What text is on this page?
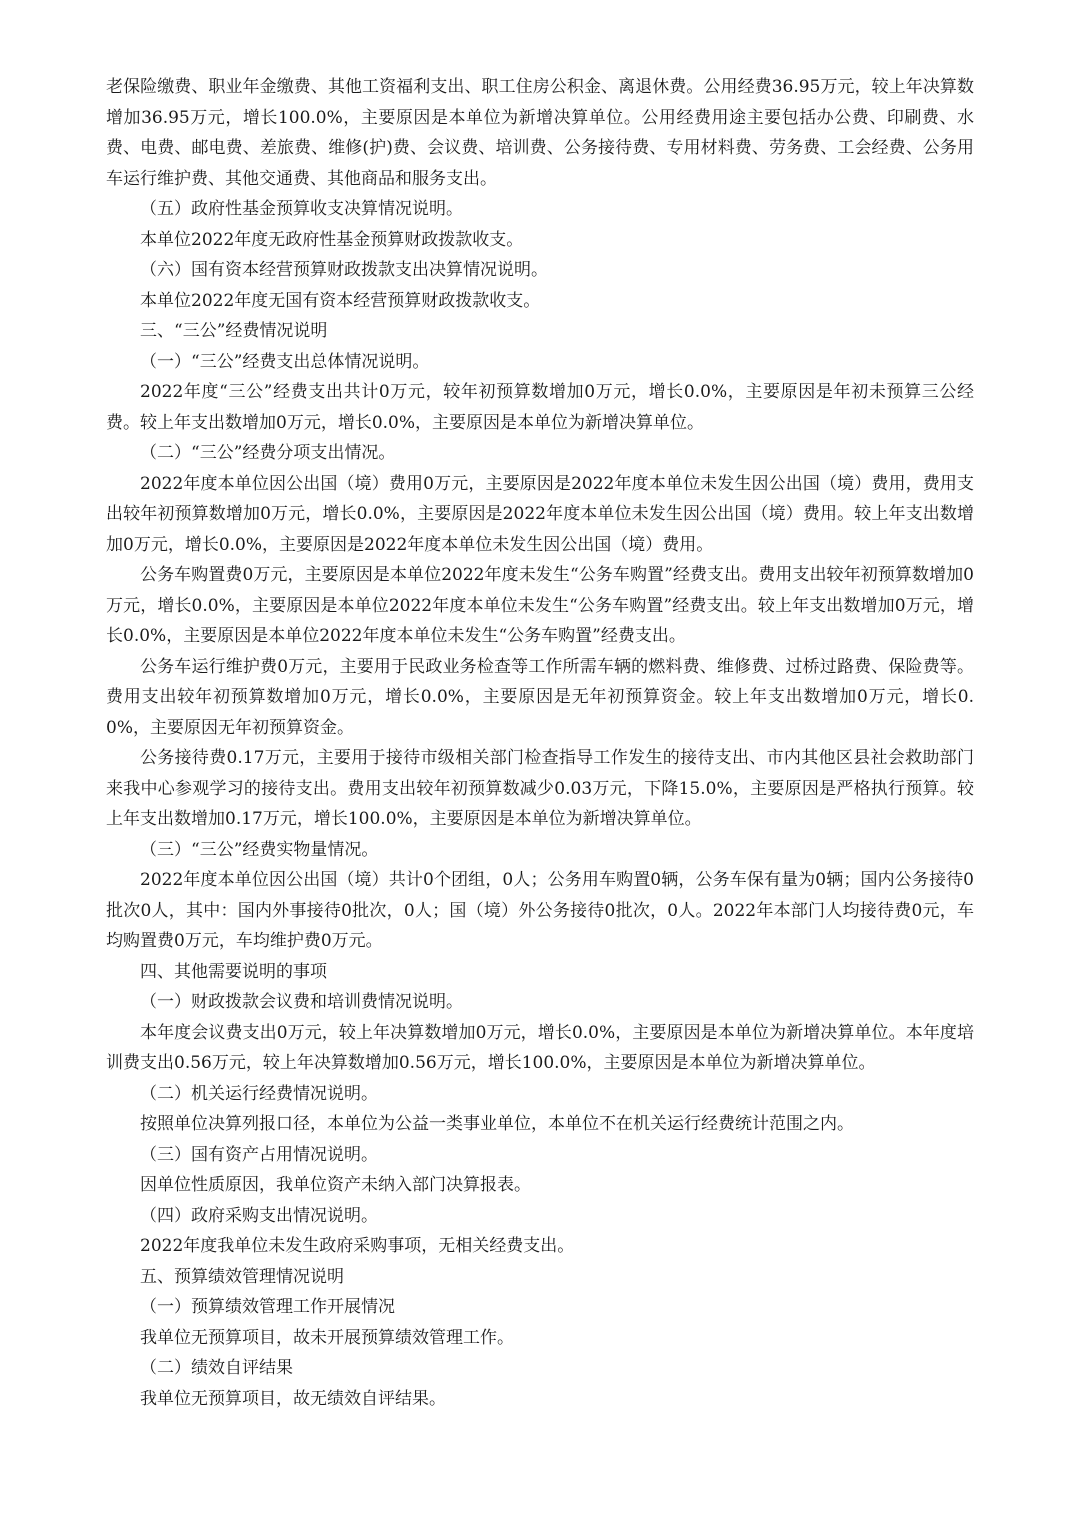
老保险缴费、职业年金缴费、其他工资福利支出、职工住房公积金、离退休费。公用经费36.95万元，较上年决算数增加36.95万元，增长100.0%，主要原因是本单位为新增决算单位。公用经费用途主要包括办公费、印刷费、水费、电费、邮电费、差旅费、维修(护)费、会议费、培训费、公务接待费、专用材料费、劳务费、工会经费、公务用车运行维护费、其他交通费、其他商品和服务支出。

（五）政府性基金预算收支决算情况说明。

本单位2022年度无政府性基金预算财政拨款收支。

（六）国有资本经营预算财政拨款支出决算情况说明。

本单位2022年度无国有资本经营预算财政拨款收支。

三、“三公”经费情况说明

（一）“三公”经费支出总体情况说明。

2022年度“三公”经费支出共计0万元，较年初预算数增加0万元，增长0.0%，主要原因是年初未预算三公经费。较上年支出数增加0万元，增长0.0%，主要原因是本单位为新增决算单位。

（二）“三公”经费分项支出情况。

2022年度本单位因公出国（境）费用0万元，主要原因是2022年度本单位未发生因公出国（境）费用，费用支出较年初预算数增加0万元，增长0.0%，主要原因是2022年度本单位未发生因公出国（境）费用。较上年支出数增加0万元，增长0.0%，主要原因是2022年度本单位未发生因公出国（境）费用。

公务车购置费0万元，主要原因是本单位2022年度未发生“公务车购置”经费支出。费用支出较年初预算数增加0万元，增长0.0%，主要原因是本单位2022年度本单位未发生“公务车购置”经费支出。较上年支出数增加0万元，增长0.0%，主要原因是本单位2022年度本单位未发生“公务车购置”经费支出。

公务车运行维护费0万元，主要用于民政业务检查等工作所需车辆的燃料费、维修费、过桥过路费、保险费等。费用支出较年初预算数增加0万元，增长0.0%，主要原因是无年初预算资金。较上年支出数增加0万元，增长0.0%，主要原因无年初预算资金。

公务接待费0.17万元，主要用于接待市级相关部门检查指导工作发生的接待支出、市内其他区县社会救助部门来我中心参观学习的接待支出。费用支出较年初预算数减少0.03万元，下降15.0%，主要原因是严格执行预算。较上年支出数增加0.17万元，增长100.0%，主要原因是本单位为新增决算单位。

（三）“三公”经费实物量情况。

2022年度本单位因公出国（境）共计0个团组，0人；公务用车购置0辆，公务车保有量为0辆；国内公务接待0批次0人，其中：国内外事接待0批次，0人；国（境）外公务接待0批次，0人。2022年本部门人均接待费0元，车均购置费0万元，车均维护费0万元。

四、其他需要说明的事项

（一）财政拨款会议费和培训费情况说明。

本年度会议费支出0万元，较上年决算数增加0万元，增长0.0%，主要原因是本单位为新增决算单位。本年度培训费支出0.56万元，较上年决算数增加0.56万元，增长100.0%，主要原因是本单位为新增决算单位。

（二）机关运行经费情况说明。

按照单位决算列报口径，本单位为公益一类事业单位，本单位不在机关运行经费统计范围之内。

（三）国有资产占用情况说明。

因单位性质原因，我单位资产未纳入部门决算报表。

（四）政府采购支出情况说明。

2022年度我单位未发生政府采购事项，无相关经费支出。

五、预算绩效管理情况说明

（一）预算绩效管理工作开展情况

我单位无预算项目，故未开展预算绩效管理工作。

（二）绩效自评结果

我单位无预算项目，故无绩效自评结果。
